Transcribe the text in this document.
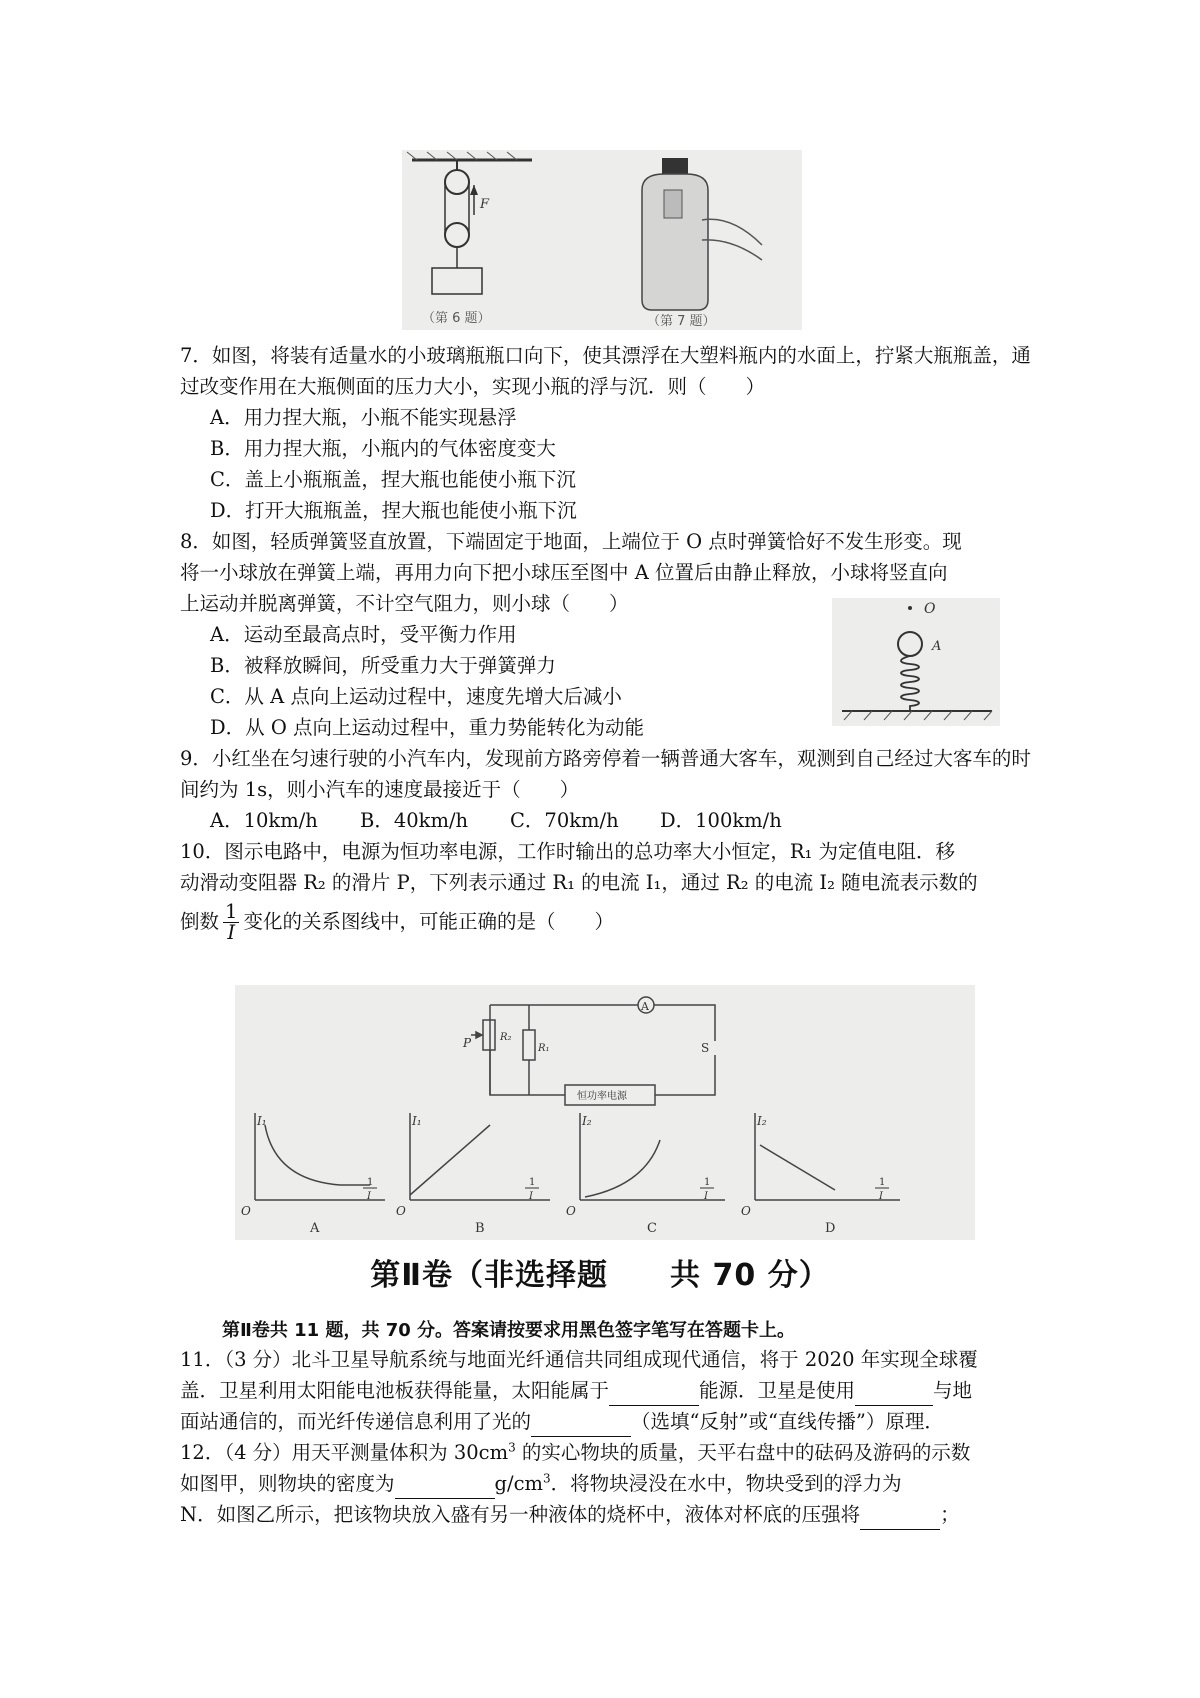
F
（第 6 题）	（第 7 题）
7．如图，将装有适量水的小玻璃瓶瓶口向下，使其漂浮在大塑料瓶内的水面上，拧紧大瓶瓶盖，通过改变作用在大瓶侧面的压力大小，实现小瓶的浮与沉．则（　　）
A．用力捏大瓶，小瓶不能实现悬浮
B．用力捏大瓶，小瓶内的气体密度变大
C．盖上小瓶瓶盖，捏大瓶也能使小瓶下沉
D．打开大瓶瓶盖，捏大瓶也能使小瓶下沉
8．如图，轻质弹簧竖直放置，下端固定于地面，上端位于 O 点时弹簧恰好不发生形变。现
将一小球放在弹簧上端，再用力向下把小球压至图中 A 位置后由静止释放，小球将竖直向
上运动并脱离弹簧，不计空气阻力，则小球（　　）
A．运动至最高点时，受平衡力作用
B．被释放瞬间，所受重力大于弹簧弹力
C．从 A 点向上运动过程中，速度先增大后减小
D．从 O 点向上运动过程中，重力势能转化为动能
O
A
9．小红坐在匀速行驶的小汽车内，发现前方路旁停着一辆普通大客车，观测到自己经过大客车的时间约为 1s，则小汽车的速度最接近于（　　）
A．10km/h	B．40km/h	C．70km/h	D．100km/h
10．图示电路中，电源为恒功率电源，工作时输出的总功率大小恒定，R₁ 为定值电阻．移
动滑动变阻器 R₂ 的滑片 P，下列表示通过 R₁ 的电流 I₁，通过 R₂ 的电流 I₂ 随电流表示数的
倒数 $\frac{1}{I}$ 变化的关系图线中，可能正确的是（　　）
A
R₂
R₁
P	S
恒功率电源
I₁
O
1
I
A
I₁
O
1
I
B
I₂
O
1
I
C
I₂
O
1
I
D
第Ⅱ卷（非选择题　　共 70 分）
第Ⅱ卷共 11 题，共 70 分。答案请按要求用黑色签字笔写在答题卡上。
11．（3 分）北斗卫星导航系统与地面光纤通信共同组成现代通信，将于 2020 年实现全球覆
盖．卫星利用太阳能电池板获得能量，太阳能属于	能源．卫星是使用	与地
面站通信的，而光纤传递信息利用了光的	（选填“反射”或“直线传播”）原理．
12．（4 分）用天平测量体积为 $30cm^3$ 的实心物块的质量，天平右盘中的砝码及游码的示数
如图甲，则物块的密度为	$g/cm^3$．将物块浸没在水中，物块受到的浮力为
N．如图乙所示，把该物块放入盛有另一种液体的烧杯中，液体对杯底的压强将	；
